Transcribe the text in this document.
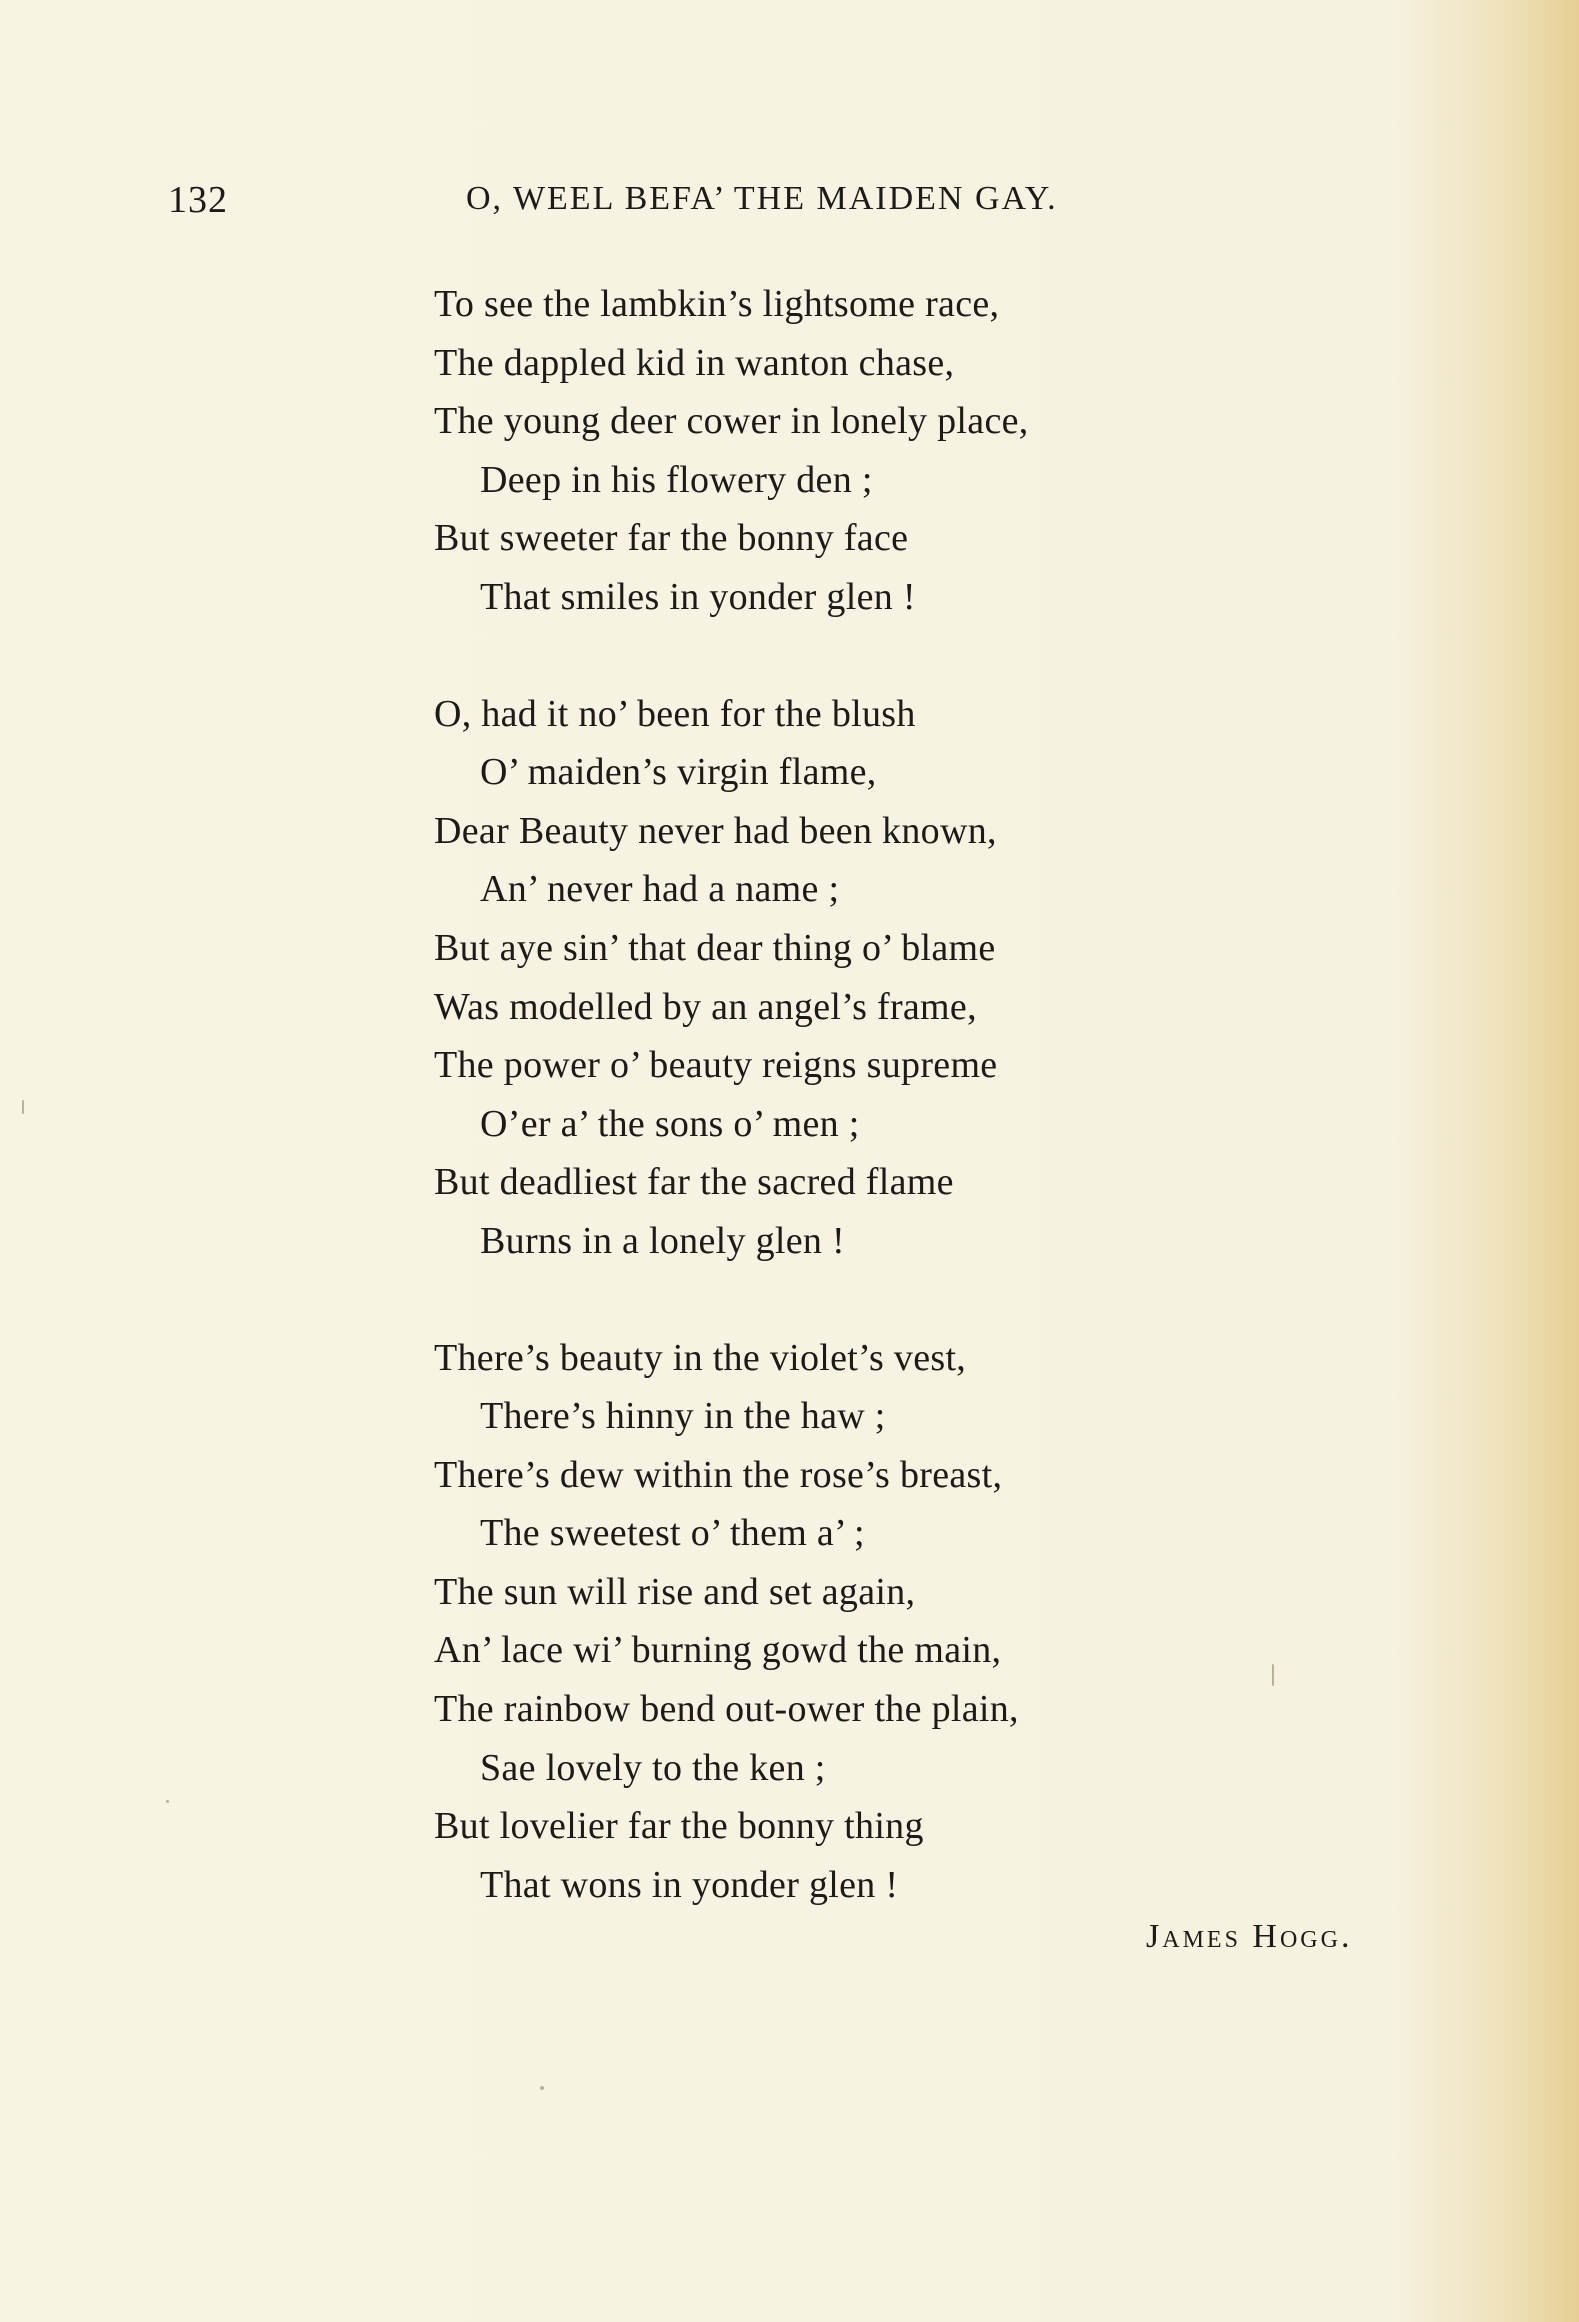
132	O, WEEL BEFA’ THE MAIDEN GAY.
To see the lambkin’s lightsome race,
The dappled kid in wanton chase,
The young deer cower in lonely place,
Deep in his flowery den ;
But sweeter far the bonny face
That smiles in yonder glen !
O, had it no’ been for the blush
O’ maiden’s virgin flame,
Dear Beauty never had been known,
An’ never had a name ;
But aye sin’ that dear thing o’ blame
Was modelled by an angel’s frame,
The power o’ beauty reigns supreme
O’er a’ the sons o’ men ;
But deadliest far the sacred flame
Burns in a lonely glen !
There’s beauty in the violet’s vest,
There’s hinny in the haw ;
There’s dew within the rose’s breast,
The sweetest o’ them a’ ;
The sun will rise and set again,
An’ lace wi’ burning gowd the main,
The rainbow bend out-ower the plain,
Sae lovely to the ken ;
But lovelier far the bonny thing
That wons in yonder glen !
James Hogg.
